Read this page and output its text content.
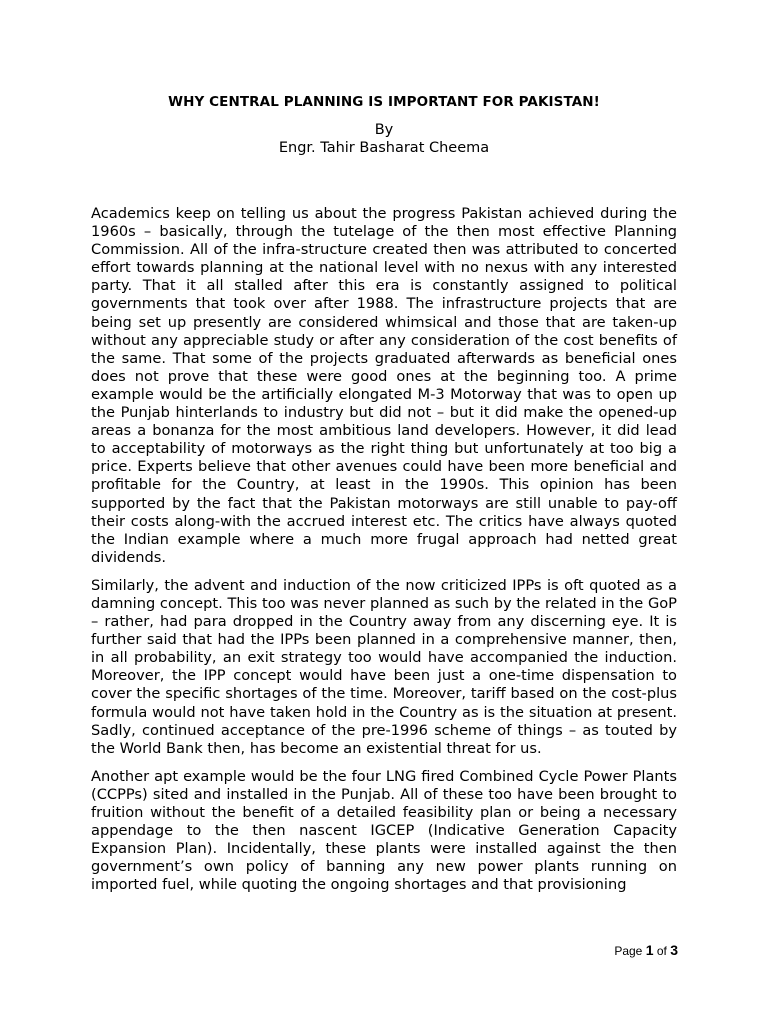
WHY CENTRAL PLANNING IS IMPORTANT FOR PAKISTAN!
By
Engr. Tahir Basharat Cheema

Academics keep on telling us about the progress Pakistan achieved during the 1960s – basically, through the tutelage of the then most effective Planning Commission. All of the infra-structure created then was attributed to concerted effort towards planning at the national level with no nexus with any interested party. That it all stalled after this era is constantly assigned to political governments that took over after 1988. The infrastructure projects that are being set up presently are considered whimsical and those that are taken-up without any appreciable study or after any consideration of the cost benefits of the same. That some of the projects graduated afterwards as beneficial ones does not prove that these were good ones at the beginning too. A prime example would be the artificially elongated M-3 Motorway that was to open up the Punjab hinterlands to industry but did not – but it did make the opened-up areas a bonanza for the most ambitious land developers. However, it did lead to acceptability of motorways as the right thing but unfortunately at too big a price. Experts believe that other avenues could have been more beneficial and profitable for the Country, at least in the 1990s. This opinion has been supported by the fact that the Pakistan motorways are still unable to pay-off their costs along-with the accrued interest etc. The critics have always quoted the Indian example where a much more frugal approach had netted great dividends.

Similarly, the advent and induction of the now criticized IPPs is oft quoted as a damning concept. This too was never planned as such by the related in the GoP – rather, had para dropped in the Country away from any discerning eye. It is further said that had the IPPs been planned in a comprehensive manner, then, in all probability, an exit strategy too would have accompanied the induction. Moreover, the IPP concept would have been just a one-time dispensation to cover the specific shortages of the time. Moreover, tariff based on the cost-plus formula would not have taken hold in the Country as is the situation at present. Sadly, continued acceptance of the pre-1996 scheme of things – as touted by the World Bank then, has become an existential threat for us.

Another apt example would be the four LNG fired Combined Cycle Power Plants (CCPPs) sited and installed in the Punjab. All of these too have been brought to fruition without the benefit of a detailed feasibility plan or being a necessary appendage to the then nascent IGCEP (Indicative Generation Capacity Expansion Plan). Incidentally, these plants were installed against the then government’s own policy of banning any new power plants running on imported fuel, while quoting the ongoing shortages and that provisioning

Page 1 of 3
